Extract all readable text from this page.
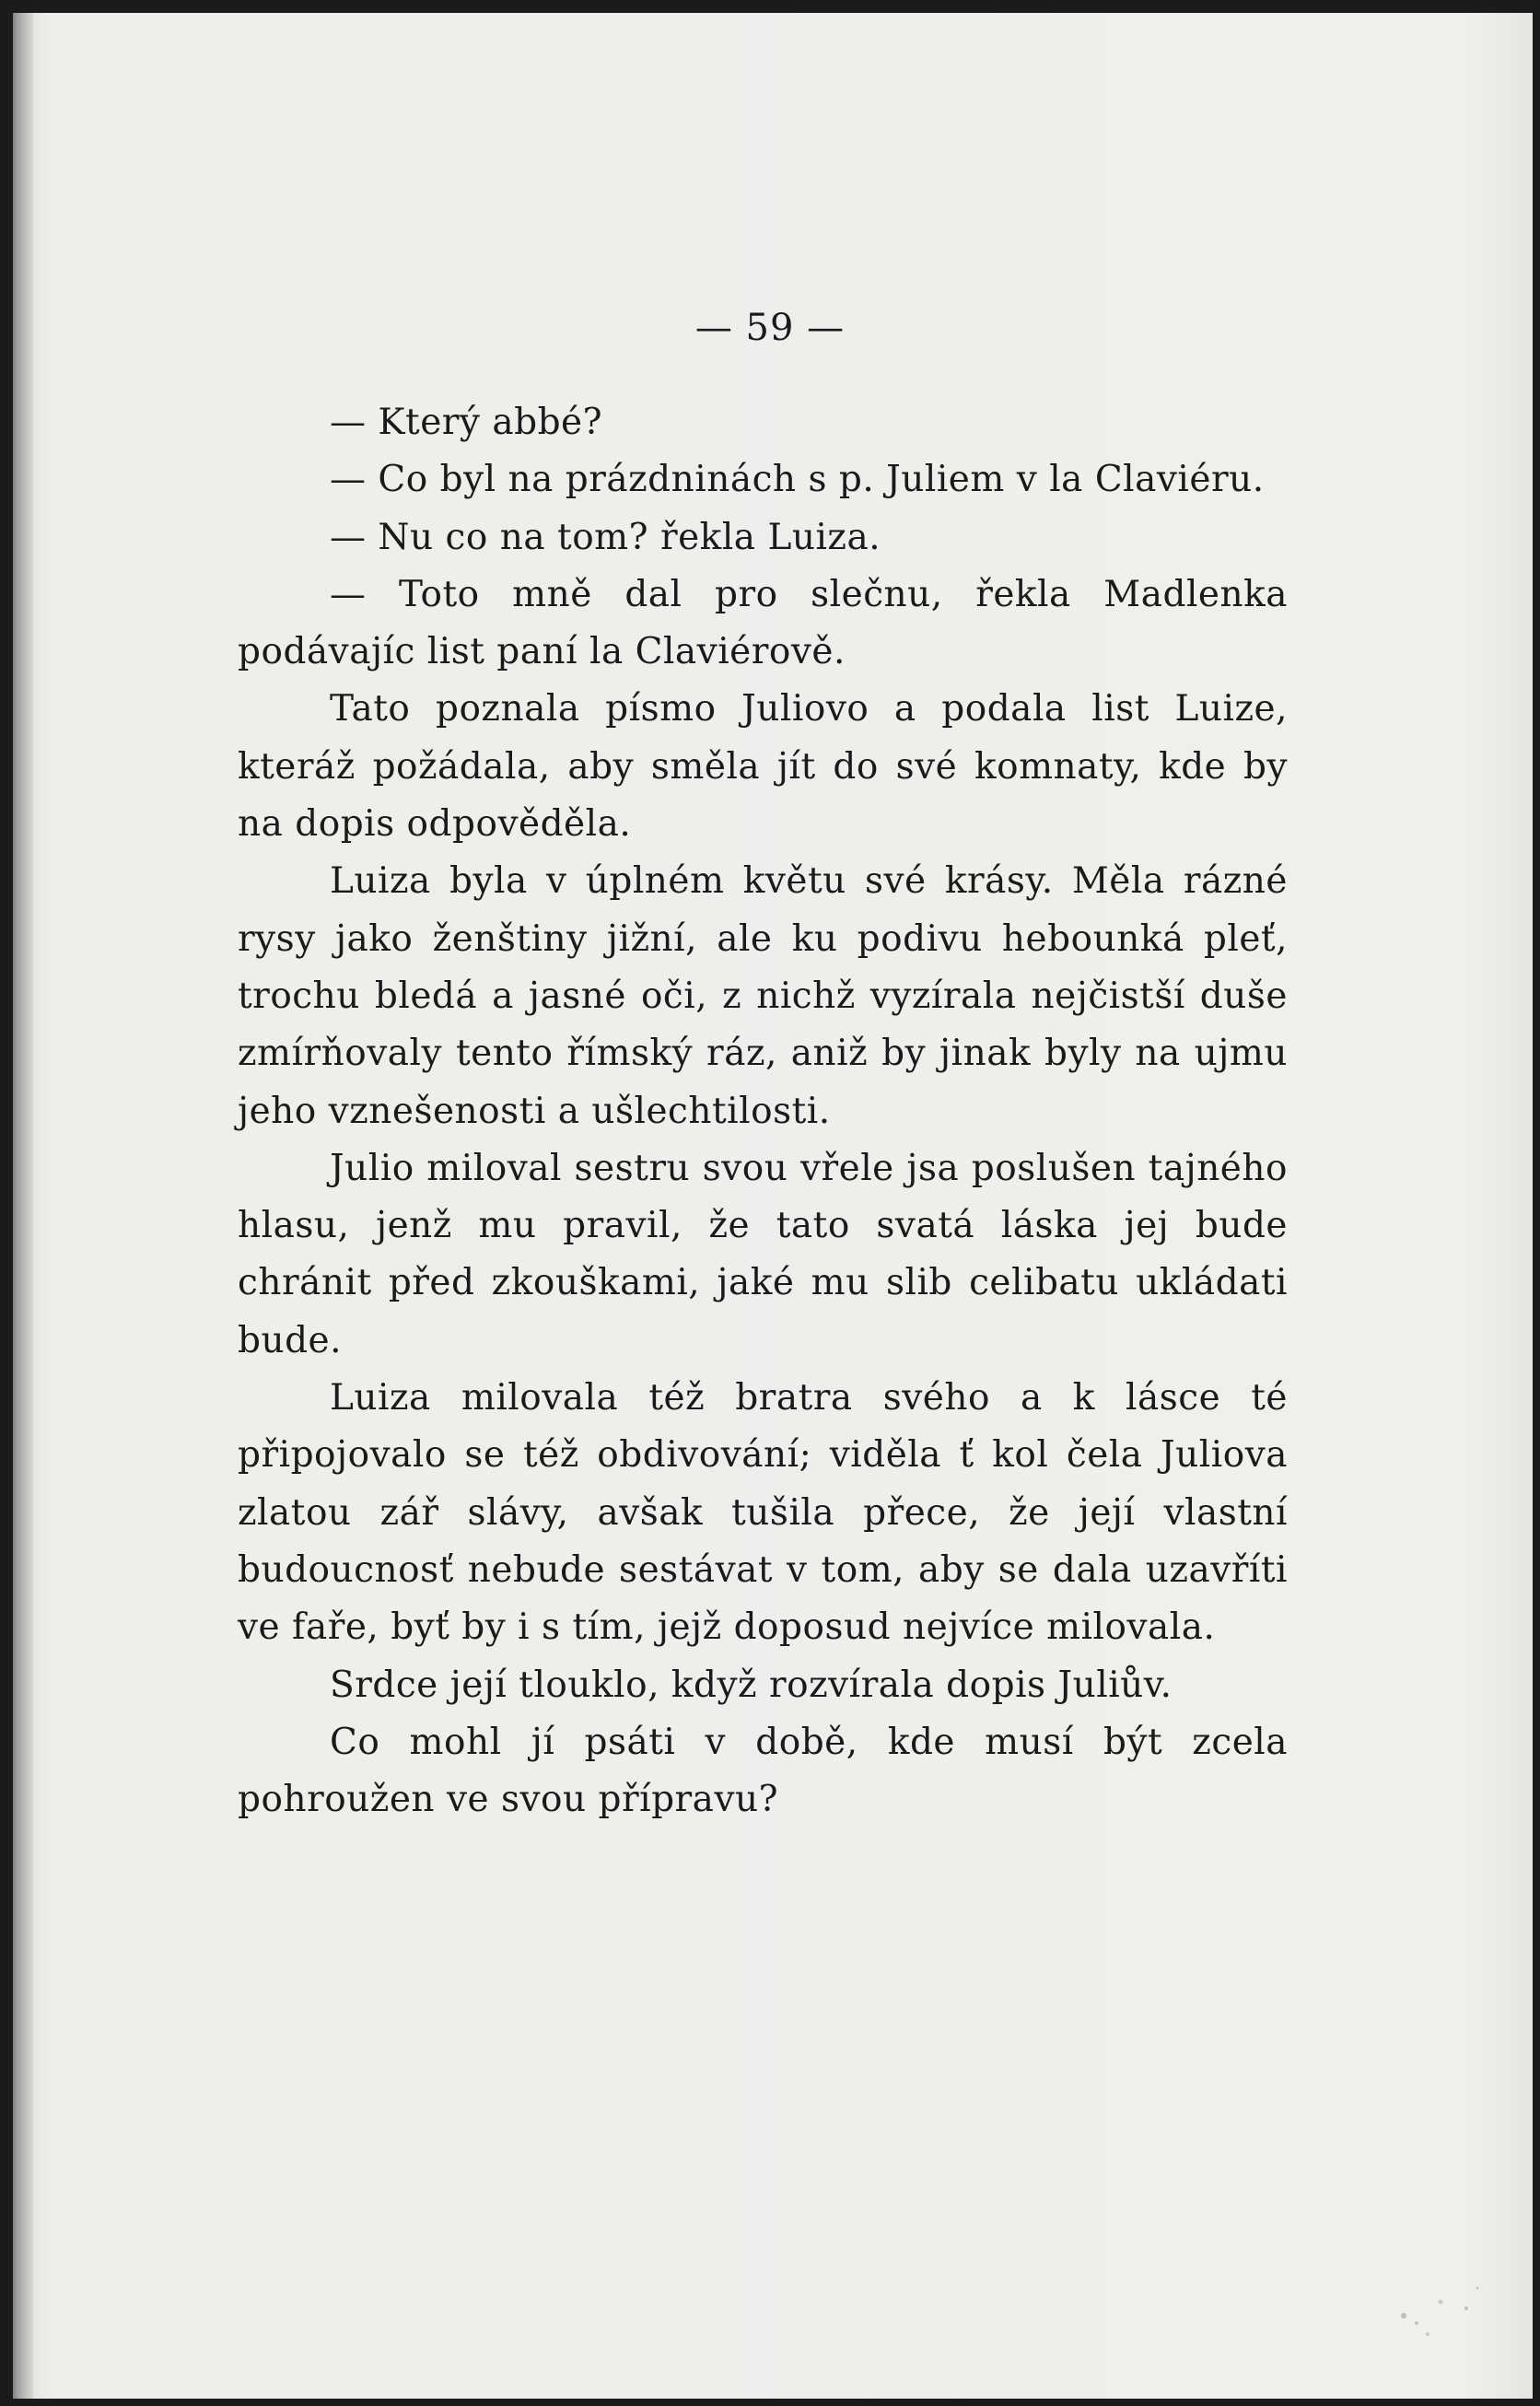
— 59 —

— Který abbé?

— Co byl na prázdninách s p. Juliem v la Claviéru.

— Nu co na tom? řekla Luiza.

— Toto mně dal pro slečnu, řekla Madlenka podávajíc list paní la Claviérově.

Tato poznala písmo Juliovo a podala list Luize, kteráž požádala, aby směla jít do své komnaty, kde by na dopis odpověděla.

Luiza byla v úplném květu své krásy. Měla rázné rysy jako ženštiny jižní, ale ku podivu hebounká pleť, trochu bledá a jasné oči, z nichž vyzírala nejčistší duše zmírňovaly tento římský ráz, aniž by jinak byly na ujmu jeho vznešenosti a ušlechtilosti.

Julio miloval sestru svou vřele jsa poslušen tajného hlasu, jenž mu pravil, že tato svatá láska jej bude chránit před zkouškami, jaké mu slib celibatu ukládati bude.

Luiza milovala též bratra svého a k lásce té připojovalo se též obdivování; viděla ť kol čela Juliova zlatou zář slávy, avšak tušila přece, že její vlastní budoucnosť nebude sestávat v tom, aby se dala uzavříti ve faře, byť by i s tím, jejž doposud nejvíce milovala.

Srdce její tlouklo, když rozvírala dopis Juliův.

Co mohl jí psáti v době, kde musí být zcela pohroužen ve svou přípravu?
